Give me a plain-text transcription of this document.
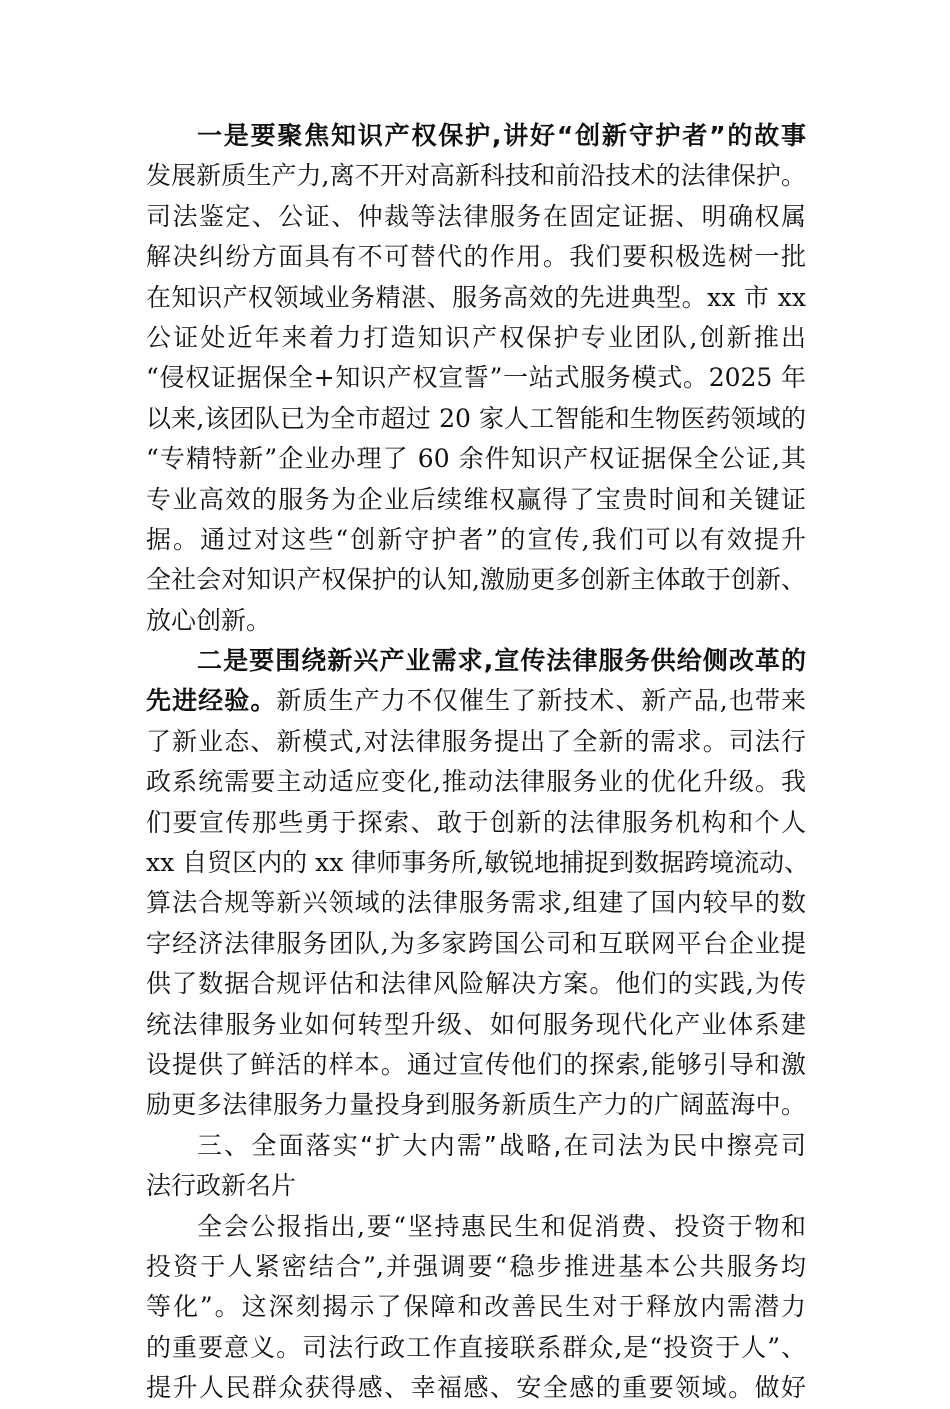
一是要聚焦知识产权保护,讲好“创新守护者”的故事
发展新质生产力,离不开对高新科技和前沿技术的法律保护。
司法鉴定、公证、仲裁等法律服务在固定证据、明确权属
解决纠纷方面具有不可替代的作用。我们要积极选树一批
在知识产权领域业务精湛、服务高效的先进典型。xx 市 xx
公证处近年来着力打造知识产权保护专业团队,创新推出
“侵权证据保全+知识产权宣誓”一站式服务模式。2025 年
以来,该团队已为全市超过 20 家人工智能和生物医药领域的
“专精特新”企业办理了 60 余件知识产权证据保全公证,其
专业高效的服务为企业后续维权赢得了宝贵时间和关键证
据。通过对这些“创新守护者”的宣传,我们可以有效提升
全社会对知识产权保护的认知,激励更多创新主体敢于创新、
放心创新。
二是要围绕新兴产业需求,宣传法律服务供给侧改革的
先进经验。新质生产力不仅催生了新技术、新产品,也带来
了新业态、新模式,对法律服务提出了全新的需求。司法行
政系统需要主动适应变化,推动法律服务业的优化升级。我
们要宣传那些勇于探索、敢于创新的法律服务机构和个人
xx 自贸区内的 xx 律师事务所,敏锐地捕捉到数据跨境流动、
算法合规等新兴领域的法律服务需求,组建了国内较早的数
字经济法律服务团队,为多家跨国公司和互联网平台企业提
供了数据合规评估和法律风险解决方案。他们的实践,为传
统法律服务业如何转型升级、如何服务现代化产业体系建
设提供了鲜活的样本。通过宣传他们的探索,能够引导和激
励更多法律服务力量投身到服务新质生产力的广阔蓝海中。
三、全面落实“扩大内需”战略,在司法为民中擦亮司
法行政新名片
全会公报指出,要“坚持惠民生和促消费、投资于物和
投资于人紧密结合”,并强调要“稳步推进基本公共服务均
等化”。这深刻揭示了保障和改善民生对于释放内需潜力
的重要意义。司法行政工作直接联系群众,是“投资于人”、
提升人民群众获得感、幸福感、安全感的重要领域。做好
